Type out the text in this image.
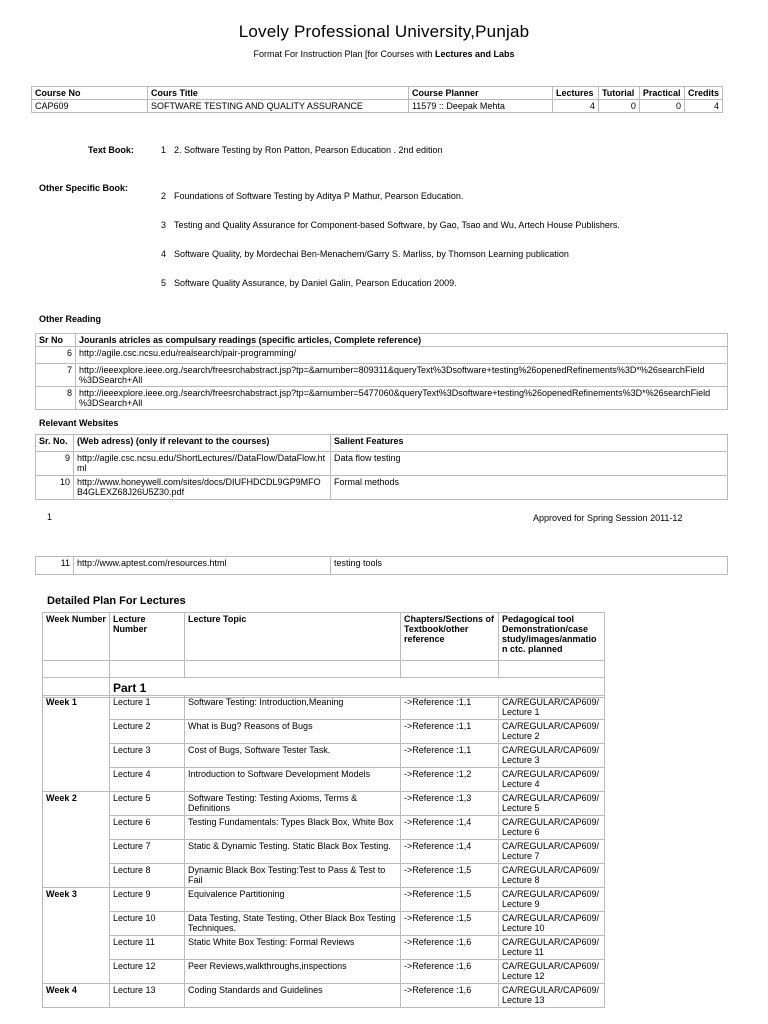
Lovely Professional University,Punjab
Format For Instruction Plan [for Courses with Lectures and Labs
Course No	Cours Title	Course Planner	Lectures	Tutorial	Practical	Credits
CAP609	SOFTWARE TESTING AND QUALITY ASSURANCE	11579 :: Deepak Mehta	4	0	0	4
Text Book:	1 2. Software Testing by Ron Patton, Pearson Education . 2nd edition
Other Specific Book:
2 Foundations of Software Testing by Aditya P Mathur, Pearson Education.
3 Testing and Quality Assurance for Component-based Software, by Gao, Tsao and Wu, Artech House Publishers.
4 Software Quality, by Mordechai Ben-Menachem/Garry S. Marliss, by Thomson Learning publication
5 Software Quality Assurance, by Daniel Galin, Pearson Education 2009.
Other Reading
Sr No	Jouranls atricles as compulsary readings (specific articles, Complete reference)
6	http://agile.csc.ncsu.edu/realsearch/pair-programming/
7	http://ieeexplore.ieee.org./search/freesrchabstract.jsp?tp=&arnumber=809311&queryText%3Dsoftware+testing%26openedRefinements%3D*%26searchField %3DSearch+All
8	http://ieeexplore.ieee.org./search/freesrchabstract.jsp?tp=&arnumber=5477060&queryText%3Dsoftware+testing%26openedRefinements%3D*%26searchField %3DSearch+All
Relevant Websites
Sr. No.	(Web adress) (only if relevant to the courses)	Salient Features
9	http://agile.csc.ncsu.edu/ShortLectures//DataFlow/DataFlow.ht ml	Data flow testing
10	http://www.honeywell.com/sites/docs/DIUFHDCDL9GP9MFO B4GLEXZ68J26U5Z30.pdf	Formal methods
1	Approved for Spring Session 2011-12
11	http://www.aptest.com/resources.html	testing tools
Detailed Plan For Lectures
Week Number	Lecture Number	Lecture Topic	Chapters/Sections of Textbook/other reference	Pedagogical tool Demonstration/case study/images/anmatio n ctc. planned

	Part 1			
Week 1	Lecture 1	Software Testing: Introduction,Meaning	->Reference :1,1	CA/REGULAR/CAP609/ Lecture 1
	Lecture 2	What is Bug? Reasons of Bugs	->Reference :1,1	CA/REGULAR/CAP609/ Lecture 2
	Lecture 3	Cost of Bugs, Software Tester Task.	->Reference :1,1	CA/REGULAR/CAP609/ Lecture 3
	Lecture 4	Introduction to Software Development Models	->Reference :1,2	CA/REGULAR/CAP609/ Lecture 4
Week 2	Lecture 5	Software Testing: Testing Axioms, Terms & Definitions	->Reference :1,3	CA/REGULAR/CAP609/ Lecture 5
	Lecture 6	Testing Fundamentals: Types Black Box, White Box	->Reference :1,4	CA/REGULAR/CAP609/ Lecture 6
	Lecture 7	Static & Dynamic Testing. Static Black Box Testing.	->Reference :1,4	CA/REGULAR/CAP609/ Lecture 7
	Lecture 8	Dynamic Black Box Testing:Test to Pass & Test to Fail	->Reference :1,5	CA/REGULAR/CAP609/ Lecture 8
Week 3	Lecture 9	Equivalence Partitioning	->Reference :1,5	CA/REGULAR/CAP609/ Lecture 9
	Lecture 10	Data Testing, State Testing, Other Black Box Testing Techniques.	->Reference :1,5	CA/REGULAR/CAP609/ Lecture 10
	Lecture 11	Static White Box Testing: Formal Reviews	->Reference :1,6	CA/REGULAR/CAP609/ Lecture 11
	Lecture 12	Peer Reviews,walkthroughs,inspections	->Reference :1,6	CA/REGULAR/CAP609/ Lecture 12
Week 4	Lecture 13	Coding Standards and Guidelines	->Reference :1,6	CA/REGULAR/CAP609/ Lecture 13
